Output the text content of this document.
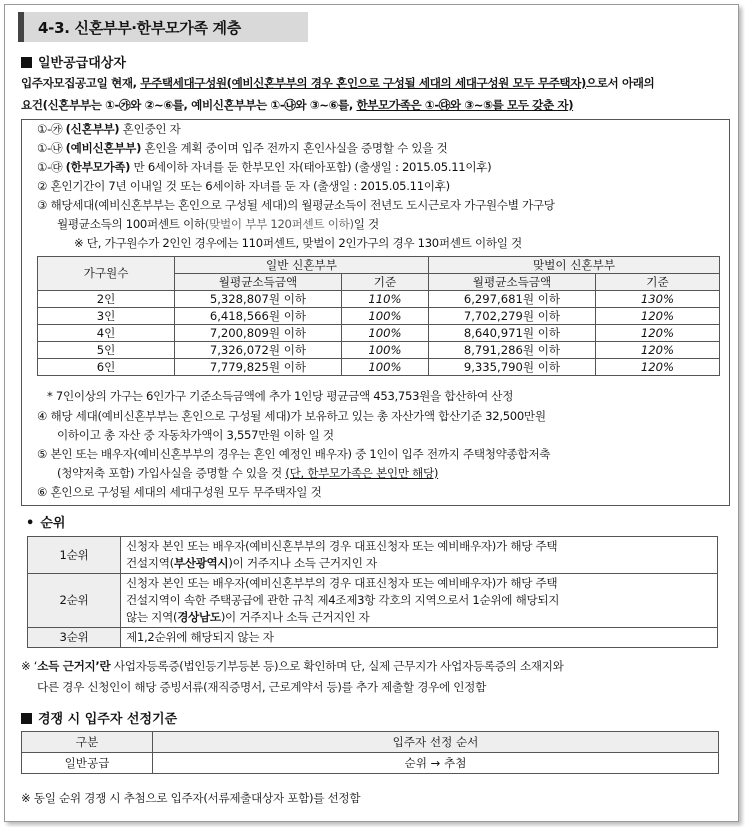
4-3. 신혼부부·한부모가족 계층
일반공급대상자
입주자모집공고일 현재, 무주택세대구성원(예비신혼부부의 경우 혼인으로 구성될 세대의 세대구성원 모두 무주택자)으로서 아래의
요건(신혼부부는 ①-㉮와 ②~⑥를, 예비신혼부부는 ①-㉯와 ③~⑥를, 한부모가족은 ①-㉰와 ③~⑤를 모두 갖춘 자)
①-㉮ (신혼부부) 혼인중인 자
①-㉯ (예비신혼부부) 혼인을 계획 중이며 입주 전까지 혼인사실을 증명할 수 있을 것
①-㉰ (한부모가족) 만 6세이하 자녀를 둔 한부모인 자(태아포함) (출생일 : 2015.05.11이후)
② 혼인기간이 7년 이내일 것 또는 6세이하 자녀를 둔 자 (출생일 : 2015.05.11이후)
③ 해당세대(예비신혼부부는 혼인으로 구성될 세대)의 월평균소득이 전년도 도시근로자 가구원수별 가구당
월평균소득의 100퍼센트 이하(맞벌이 부부 120퍼센트 이하)일 것
※ 단, 가구원수가 2인인 경우에는 110퍼센트, 맞벌이 2인가구의 경우 130퍼센트 이하일 것
가구원수	일반 신혼부부		맞벌이 신혼부부	
	월평균소득금액	기준	월평균소득금액	기준
2인	5,328,807원 이하	110%	6,297,681원 이하	130%
3인	6,418,566원 이하	100%	7,702,279원 이하	120%
4인	7,200,809원 이하	100%	8,640,971원 이하	120%
5인	7,326,072원 이하	100%	8,791,286원 이하	120%
6인	7,779,825원 이하	100%	9,335,790원 이하	120%
* 7인이상의 가구는 6인가구 기준소득금액에 추가 1인당 평균금액 453,753원을 합산하여 산정
④ 해당 세대(예비신혼부부는 혼인으로 구성될 세대)가 보유하고 있는 총 자산가액 합산기준 32,500만원
이하이고 총 자산 중 자동차가액이 3,557만원 이하 일 것
⑤ 본인 또는 배우자(예비신혼부부의 경우는 혼인 예정인 배우자) 중 1인이 입주 전까지 주택청약종합저축
(청약저축 포함) 가입사실을 증명할 수 있을 것 (단, 한부모가족은 본인만 해당)
⑥ 혼인으로 구성될 세대의 세대구성원 모두 무주택자일 것
• 순위
1순위	신청자 본인 또는 배우자(예비신혼부부의 경우 대표신청자 또는 예비배우자)가 해당 주택
건설지역(부산광역시)이 거주지나 소득 근거지인 자
2순위	신청자 본인 또는 배우자(예비신혼부부의 경우 대표신청자 또는 예비배우자)가 해당 주택
건설지역이 속한 주택공급에 관한 규칙 제4조제3항 각호의 지역으로서 1순위에 해당되지
않는 지역(경상남도)이 거주지나 소득 근거지인 자
3순위	제1,2순위에 해당되지 않는 자
※ ‘소득 근거지’란 사업자등록증(법인등기부등본 등)으로 확인하며 단, 실제 근무지가 사업자등록증의 소재지와
다른 경우 신청인이 해당 증빙서류(재직증명서, 근로계약서 등)를 추가 제출할 경우에 인정함
경쟁 시 입주자 선정기준
구분	입주자 선정 순서
일반공급	순위 → 추첨
※ 동일 순위 경쟁 시 추첨으로 입주자(서류제출대상자 포함)를 선정함
